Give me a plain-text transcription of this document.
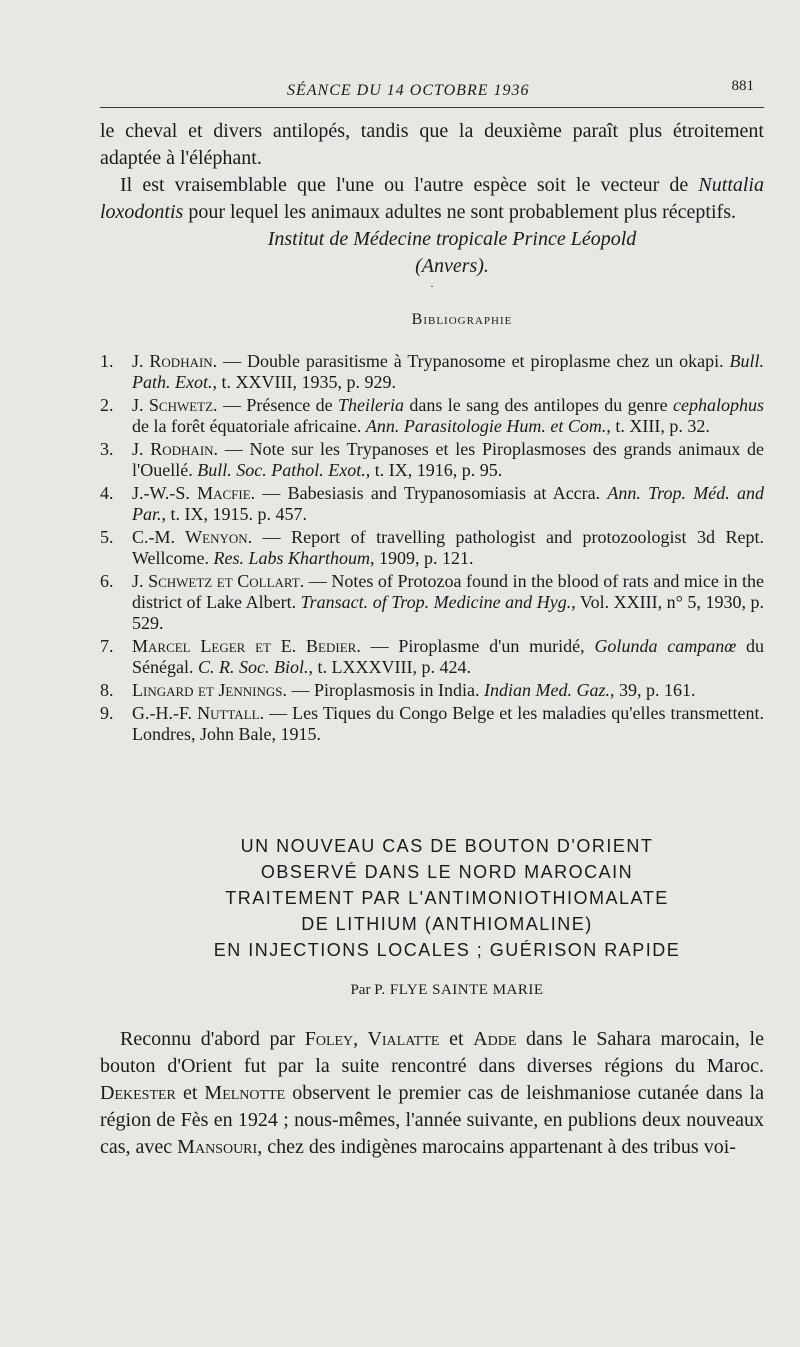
SÉANCE DU 14 OCTOBRE 1936	881

le cheval et divers antilopés, tandis que la deuxième paraît plus étroitement adaptée à l'éléphant.

Il est vraisemblable que l'une ou l'autre espèce soit le vecteur de Nuttalia loxodontis pour lequel les animaux adultes ne sont probablement plus réceptifs.

Institut de Médecine tropicale Prince Léopold

(Anvers).

·
Bibliographie
1. J. Rodhain. — Double parasitisme à Trypanosome et piroplasme chez un okapi. Bull. Path. Exot., t. XXVIII, 1935, p. 929.
2. J. Schwetz. — Présence de Theileria dans le sang des antilopes du genre cephalophus de la forêt équatoriale africaine. Ann. Parasitologie Hum. et Com., t. XIII, p. 32.
3. J. Rodhain. — Note sur les Trypanoses et les Piroplasmoses des grands animaux de l'Ouellé. Bull. Soc. Pathol. Exot., t. IX, 1916, p. 95.
4. J.-W.-S. Macfie. — Babesiasis and Trypanosomiasis at Accra. Ann. Trop. Méd. and Par., t. IX, 1915. p. 457.
5. C.-M. Wenyon. — Report of travelling pathologist and protozoologist 3d Rept. Wellcome. Res. Labs Kharthoum, 1909, p. 121.
6. J. Schwetz et Collart. — Notes of Protozoa found in the blood of rats and mice in the district of Lake Albert. Transact. of Trop. Medicine and Hyg., Vol. XXIII, n° 5, 1930, p. 529.
7. Marcel Leger et E. Bedier. — Piroplasme d'un muridé, Golunda campanœ du Sénégal. C. R. Soc. Biol., t. LXXXVIII, p. 424.
8. Lingard et Jennings. — Piroplasmosis in India. Indian Med. Gaz., 39, p. 161.
9. G.-H.-F. Nuttall. — Les Tiques du Congo Belge et les maladies qu'elles transmettent. Londres, John Bale, 1915.
UN NOUVEAU CAS DE BOUTON D'ORIENT
OBSERVÉ DANS LE NORD MAROCAIN
TRAITEMENT PAR L'ANTIMONIOTHIOMALATE
DE LITHIUM (ANTHIOMALINE)
EN INJECTIONS LOCALES ; GUÉRISON RAPIDE
Par P. FLYE SAINTE MARIE

Reconnu d'abord par Foley, Vialatte et Adde dans le Sahara marocain, le bouton d'Orient fut par la suite rencontré dans diverses régions du Maroc. Dekester et Melnotte observent le premier cas de leishmaniose cutanée dans la région de Fès en 1924 ; nous-mêmes, l'année suivante, en publions deux nouveaux cas, avec Mansouri, chez des indigènes marocains appartenant à des tribus voi-
